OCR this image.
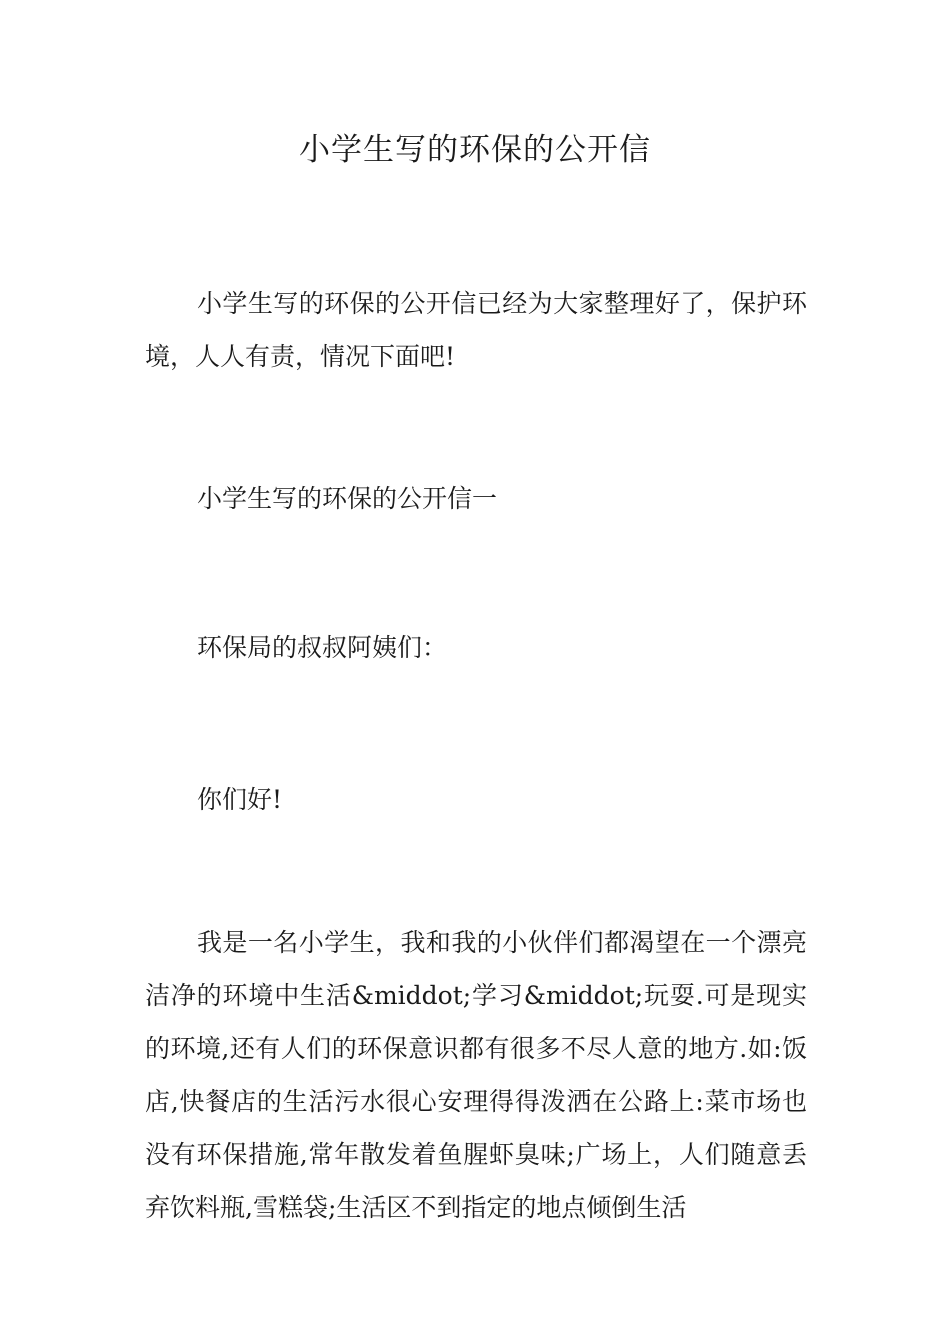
小学生写的环保的公开信

小学生写的环保的公开信已经为大家整理好了，保护环境，人人有责，情况下面吧!

小学生写的环保的公开信一

环保局的叔叔阿姨们：

你们好!

我是一名小学生，我和我的小伙伴们都渴望在一个漂亮洁净的环境中生活&middot;学习&middot;玩耍.可是现实的环境,还有人们的环保意识都有很多不尽人意的地方.如:饭店,快餐店的生活污水很心安理得得泼洒在公路上:菜市场也没有环保措施,常年散发着鱼腥虾臭味;广场上，人们随意丢弃饮料瓶,雪糕袋;生活区不到指定的地点倾倒生活
